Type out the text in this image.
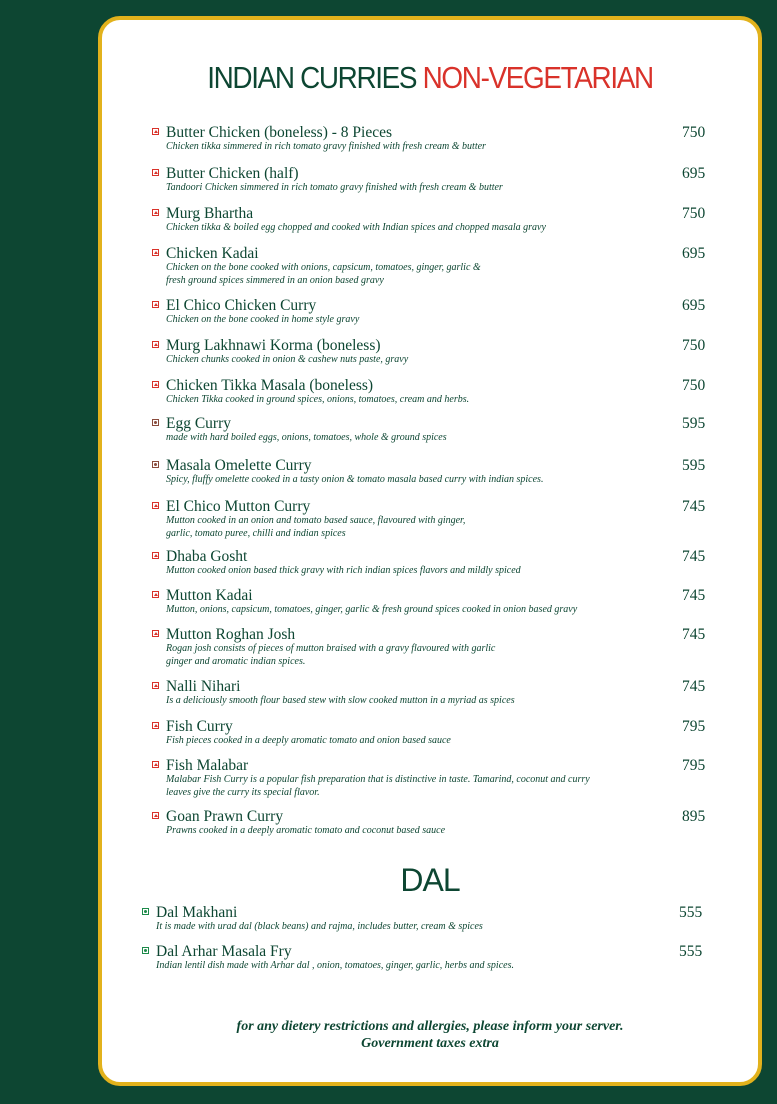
INDIAN CURRIES NON-VEGETARIAN
Butter Chicken (boneless) - 8 Pieces
Chicken tikka simmered in rich tomato gravy finished with fresh cream & butter
750
Butter Chicken (half)
Tandoori Chicken simmered in rich tomato gravy finished with fresh cream & butter
695
Murg Bhartha
Chicken tikka & boiled egg chopped and cooked with Indian spices and chopped masala gravy
750
Chicken Kadai
Chicken on the bone cooked with onions, capsicum, tomatoes, ginger, garlic &
fresh ground spices simmered in an onion based gravy
695
El Chico Chicken Curry
Chicken on the bone cooked in home style gravy
695
Murg Lakhnawi Korma (boneless)
Chicken chunks cooked in onion & cashew nuts paste, gravy
750
Chicken Tikka Masala (boneless)
Chicken Tikka cooked in ground spices, onions, tomatoes, cream and herbs.
750
Egg Curry
made with hard boiled eggs, onions, tomatoes, whole & ground spices
595
Masala Omelette Curry
Spicy, fluffy omelette cooked in a tasty onion & tomato masala based curry with indian spices.
595
El Chico Mutton Curry
Mutton cooked in an onion and tomato based sauce, flavoured with ginger,
garlic, tomato puree, chilli and indian spices
745
Dhaba Gosht
Mutton cooked onion based thick gravy with rich indian spices flavors and mildly spiced
745
Mutton Kadai
Mutton, onions, capsicum, tomatoes, ginger, garlic & fresh ground spices cooked in onion based gravy
745
Mutton Roghan Josh
Rogan josh consists of pieces of mutton braised with a gravy flavoured with garlic
ginger and aromatic indian spices.
745
Nalli Nihari
Is a deliciously smooth flour based stew with slow cooked mutton in a myriad as spices
745
Fish Curry
Fish pieces cooked in a deeply aromatic tomato and onion based sauce
795
Fish Malabar
Malabar Fish Curry is a popular fish preparation that is distinctive in taste. Tamarind, coconut and curry
leaves give the curry its special flavor.
795
Goan Prawn Curry
Prawns cooked in a deeply aromatic tomato and coconut based sauce
895
DAL
Dal Makhani
It is made with urad dal (black beans) and rajma, includes butter, cream & spices
555
Dal Arhar Masala Fry
Indian lentil dish made with Arhar dal , onion, tomatoes, ginger, garlic, herbs and spices.
555
for any dietery restrictions and allergies, please inform your server.
Government taxes extra
